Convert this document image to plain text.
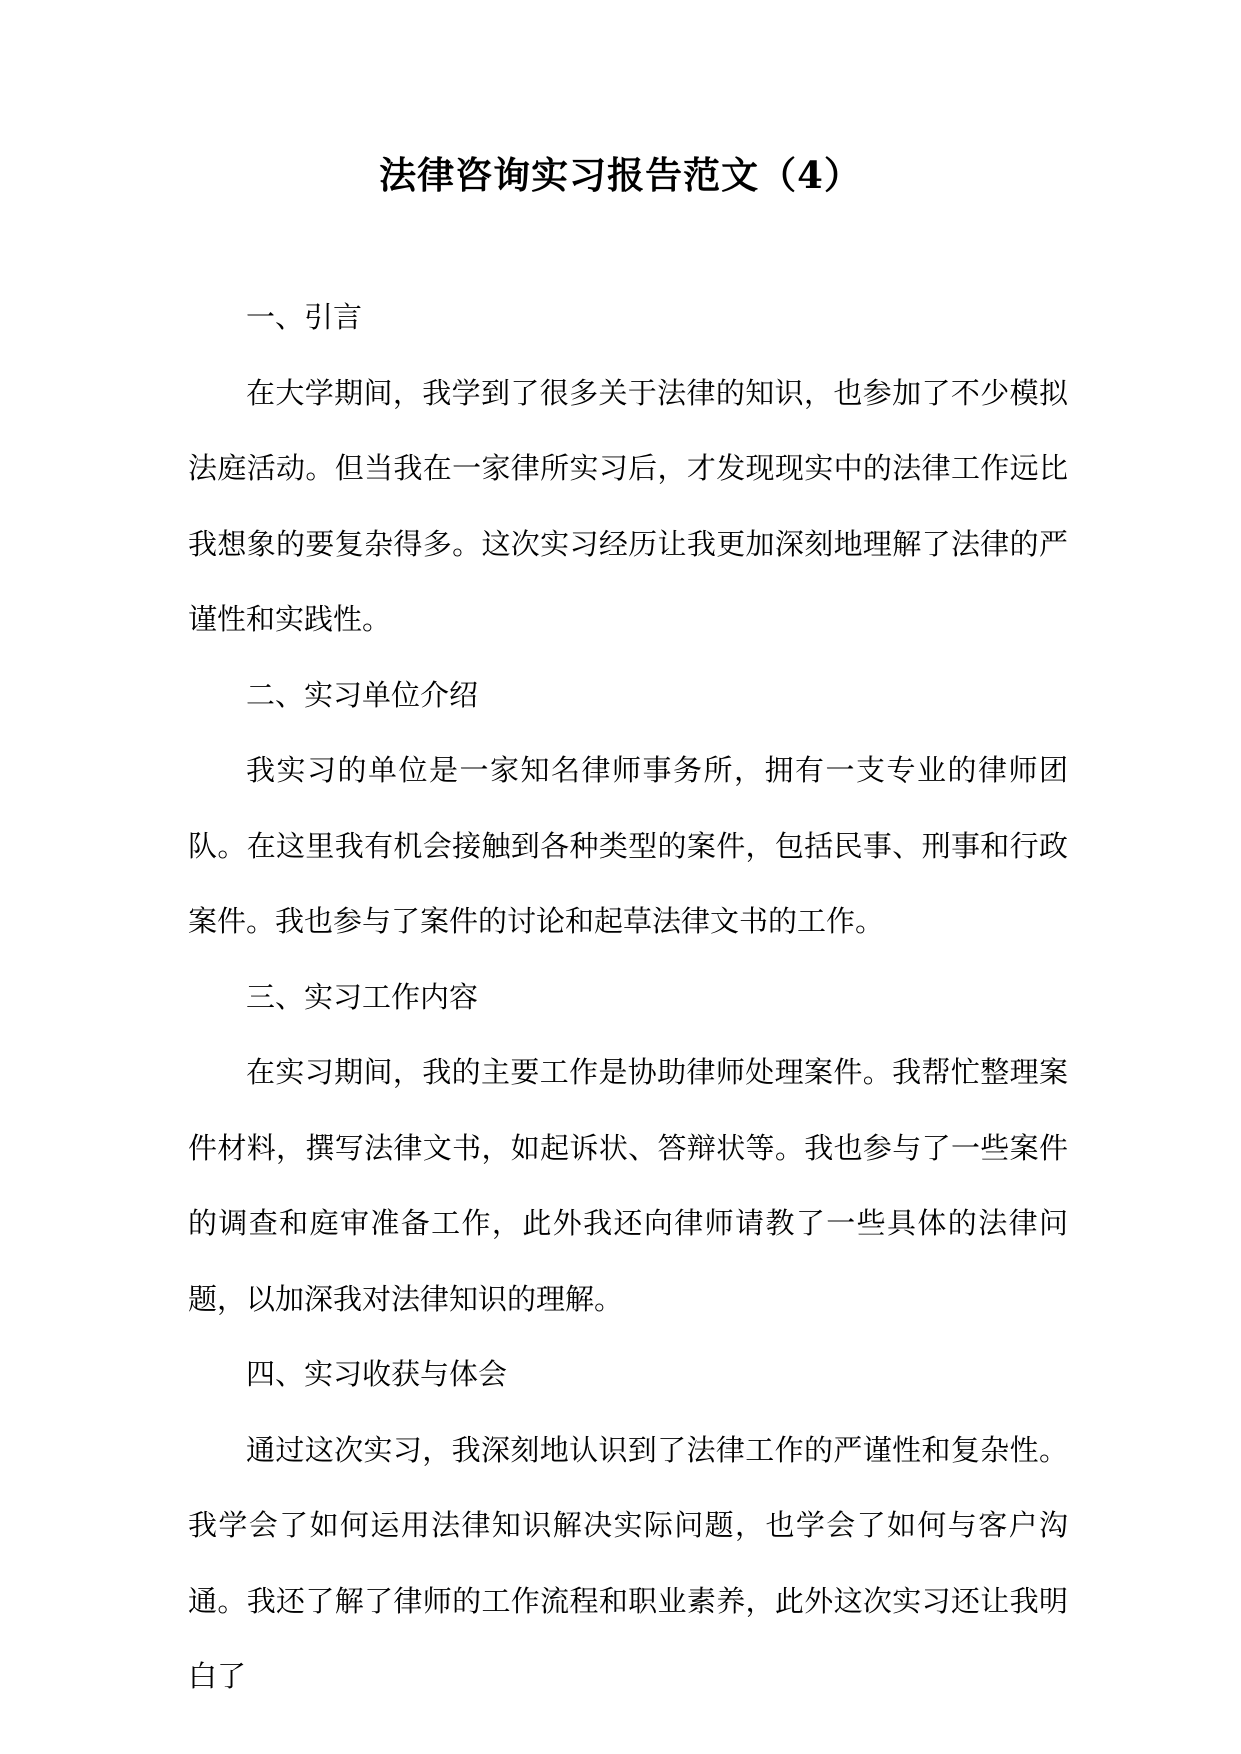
法律咨询实习报告范文（4）

一、引言

在大学期间，我学到了很多关于法律的知识，也参加了不少模拟法庭活动。但当我在一家律所实习后，才发现现实中的法律工作远比我想象的要复杂得多。这次实习经历让我更加深刻地理解了法律的严谨性和实践性。

二、实习单位介绍

我实习的单位是一家知名律师事务所，拥有一支专业的律师团队。在这里我有机会接触到各种类型的案件，包括民事、刑事和行政案件。我也参与了案件的讨论和起草法律文书的工作。

三、实习工作内容

在实习期间，我的主要工作是协助律师处理案件。我帮忙整理案件材料，撰写法律文书，如起诉状、答辩状等。我也参与了一些案件的调查和庭审准备工作，此外我还向律师请教了一些具体的法律问题，以加深我对法律知识的理解。

四、实习收获与体会

通过这次实习，我深刻地认识到了法律工作的严谨性和复杂性。我学会了如何运用法律知识解决实际问题，也学会了如何与客户沟通。我还了解了律师的工作流程和职业素养，此外这次实习还让我明白了
